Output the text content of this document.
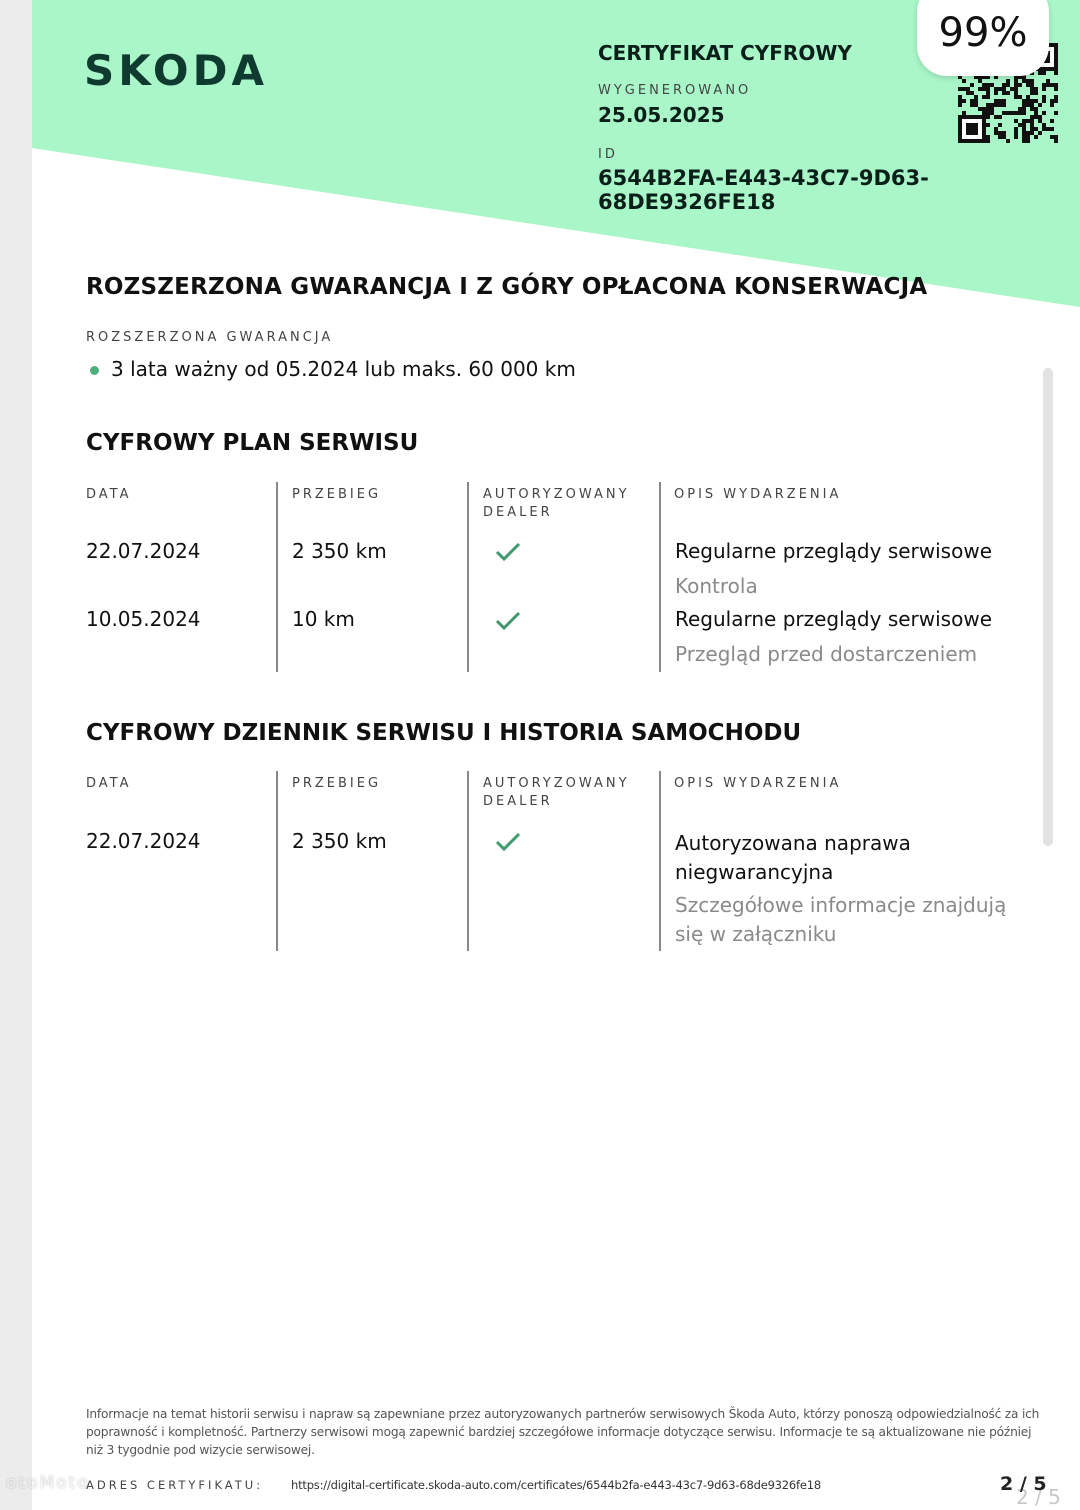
SKODA	CERTYFIKAT CYFROWY
WYGENEROWANO
25.05.2025
ID
6544B2FA-E443-43C7-9D63-68DE9326FE18
99%
ROZSZERZONA GWARANCJA I Z GÓRY OPŁACONA KONSERWACJA
ROZSZERZONA GWARANCJA
3 lata ważny od 05.2024 lub maks. 60 000 km
CYFROWY PLAN SERWISU
DATA	PRZEBIEG	AUTORYZOWANY DEALER
OPIS WYDARZENIA
22.07.2024	2 350 km	Regularne przeglądy serwisowe
Kontrola
10.05.2024	10 km	Regularne przeglądy serwisowe
Przegląd przed dostarczeniem
CYFROWY DZIENNIK SERWISU I HISTORIA SAMOCHODU
DATA	PRZEBIEG	AUTORYZOWANY DEALER
OPIS WYDARZENIA
22.07.2024	2 350 km	Autoryzowana naprawa niegwarancyjna
Szczegółowe informacje znajdują się w załączniku
Informacje na temat historii serwisu i napraw są zapewniane przez autoryzowanych partnerów serwisowych Škoda Auto, którzy ponoszą odpowiedzialność za ich poprawność i kompletność. Partnerzy serwisowi mogą zapewnić bardziej szczegółowe informacje dotyczące serwisu. Informacje te są aktualizowane nie później niż 3 tygodnie pod wizycie serwisowej.
ADRES CERTYFIKATU: https://digital-certificate.skoda-auto.com/certificates/6544b2fa-e443-43c7-9d63-68de9326fe18	2 / 5
2 / 5
otoMoto
